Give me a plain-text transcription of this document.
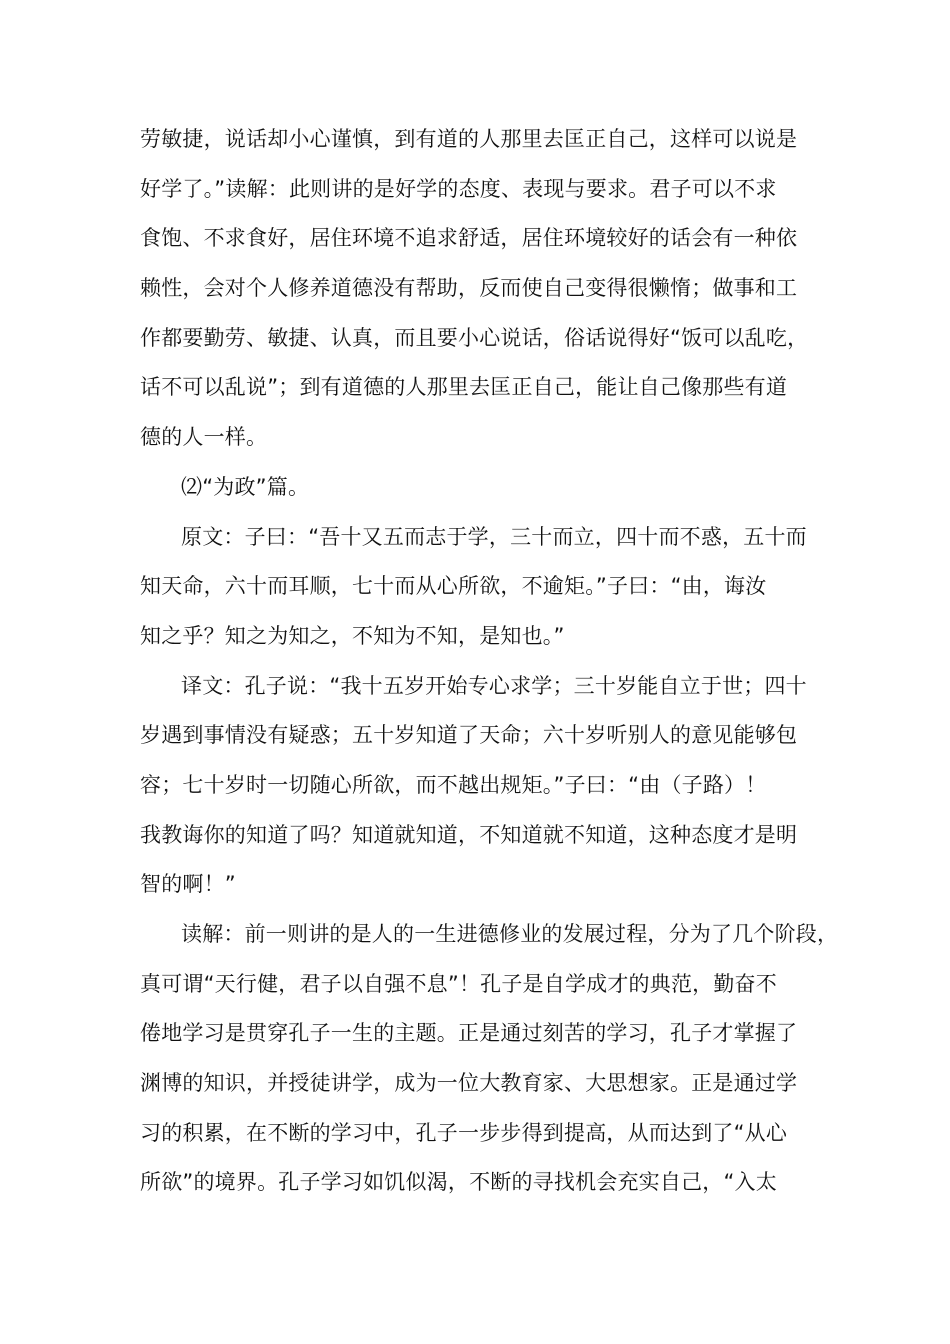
劳敏捷，说话却小心谨慎，到有道的人那里去匡正自己，这样可以说是
好学了。”读解：此则讲的是好学的态度、表现与要求。君子可以不求
食饱、不求食好，居住环境不追求舒适，居住环境较好的话会有一种依
赖性，会对个人修养道德没有帮助，反而使自己变得很懒惰；做事和工
作都要勤劳、敏捷、认真，而且要小心说话，俗话说得好“饭可以乱吃，
话不可以乱说”；到有道德的人那里去匡正自己，能让自己像那些有道
德的人一样。
⑵“为政”篇。
原文：子曰：“吾十又五而志于学，三十而立，四十而不惑，五十而
知天命，六十而耳顺，七十而从心所欲，不逾矩。”子曰：“由，诲汝
知之乎？知之为知之，不知为不知，是知也。”
译文：孔子说：“我十五岁开始专心求学；三十岁能自立于世；四十
岁遇到事情没有疑惑；五十岁知道了天命；六十岁听别人的意见能够包
容；七十岁时一切随心所欲，而不越出规矩。”子曰：“由（子路）！
我教诲你的知道了吗？知道就知道，不知道就不知道，这种态度才是明
智的啊！”
读解：前一则讲的是人的一生进德修业的发展过程，分为了几个阶段，
真可谓“天行健，君子以自强不息”！孔子是自学成才的典范，勤奋不
倦地学习是贯穿孔子一生的主题。正是通过刻苦的学习，孔子才掌握了
渊博的知识，并授徒讲学，成为一位大教育家、大思想家。正是通过学
习的积累，在不断的学习中，孔子一步步得到提高，从而达到了“从心
所欲”的境界。孔子学习如饥似渴，不断的寻找机会充实自己，“入太
